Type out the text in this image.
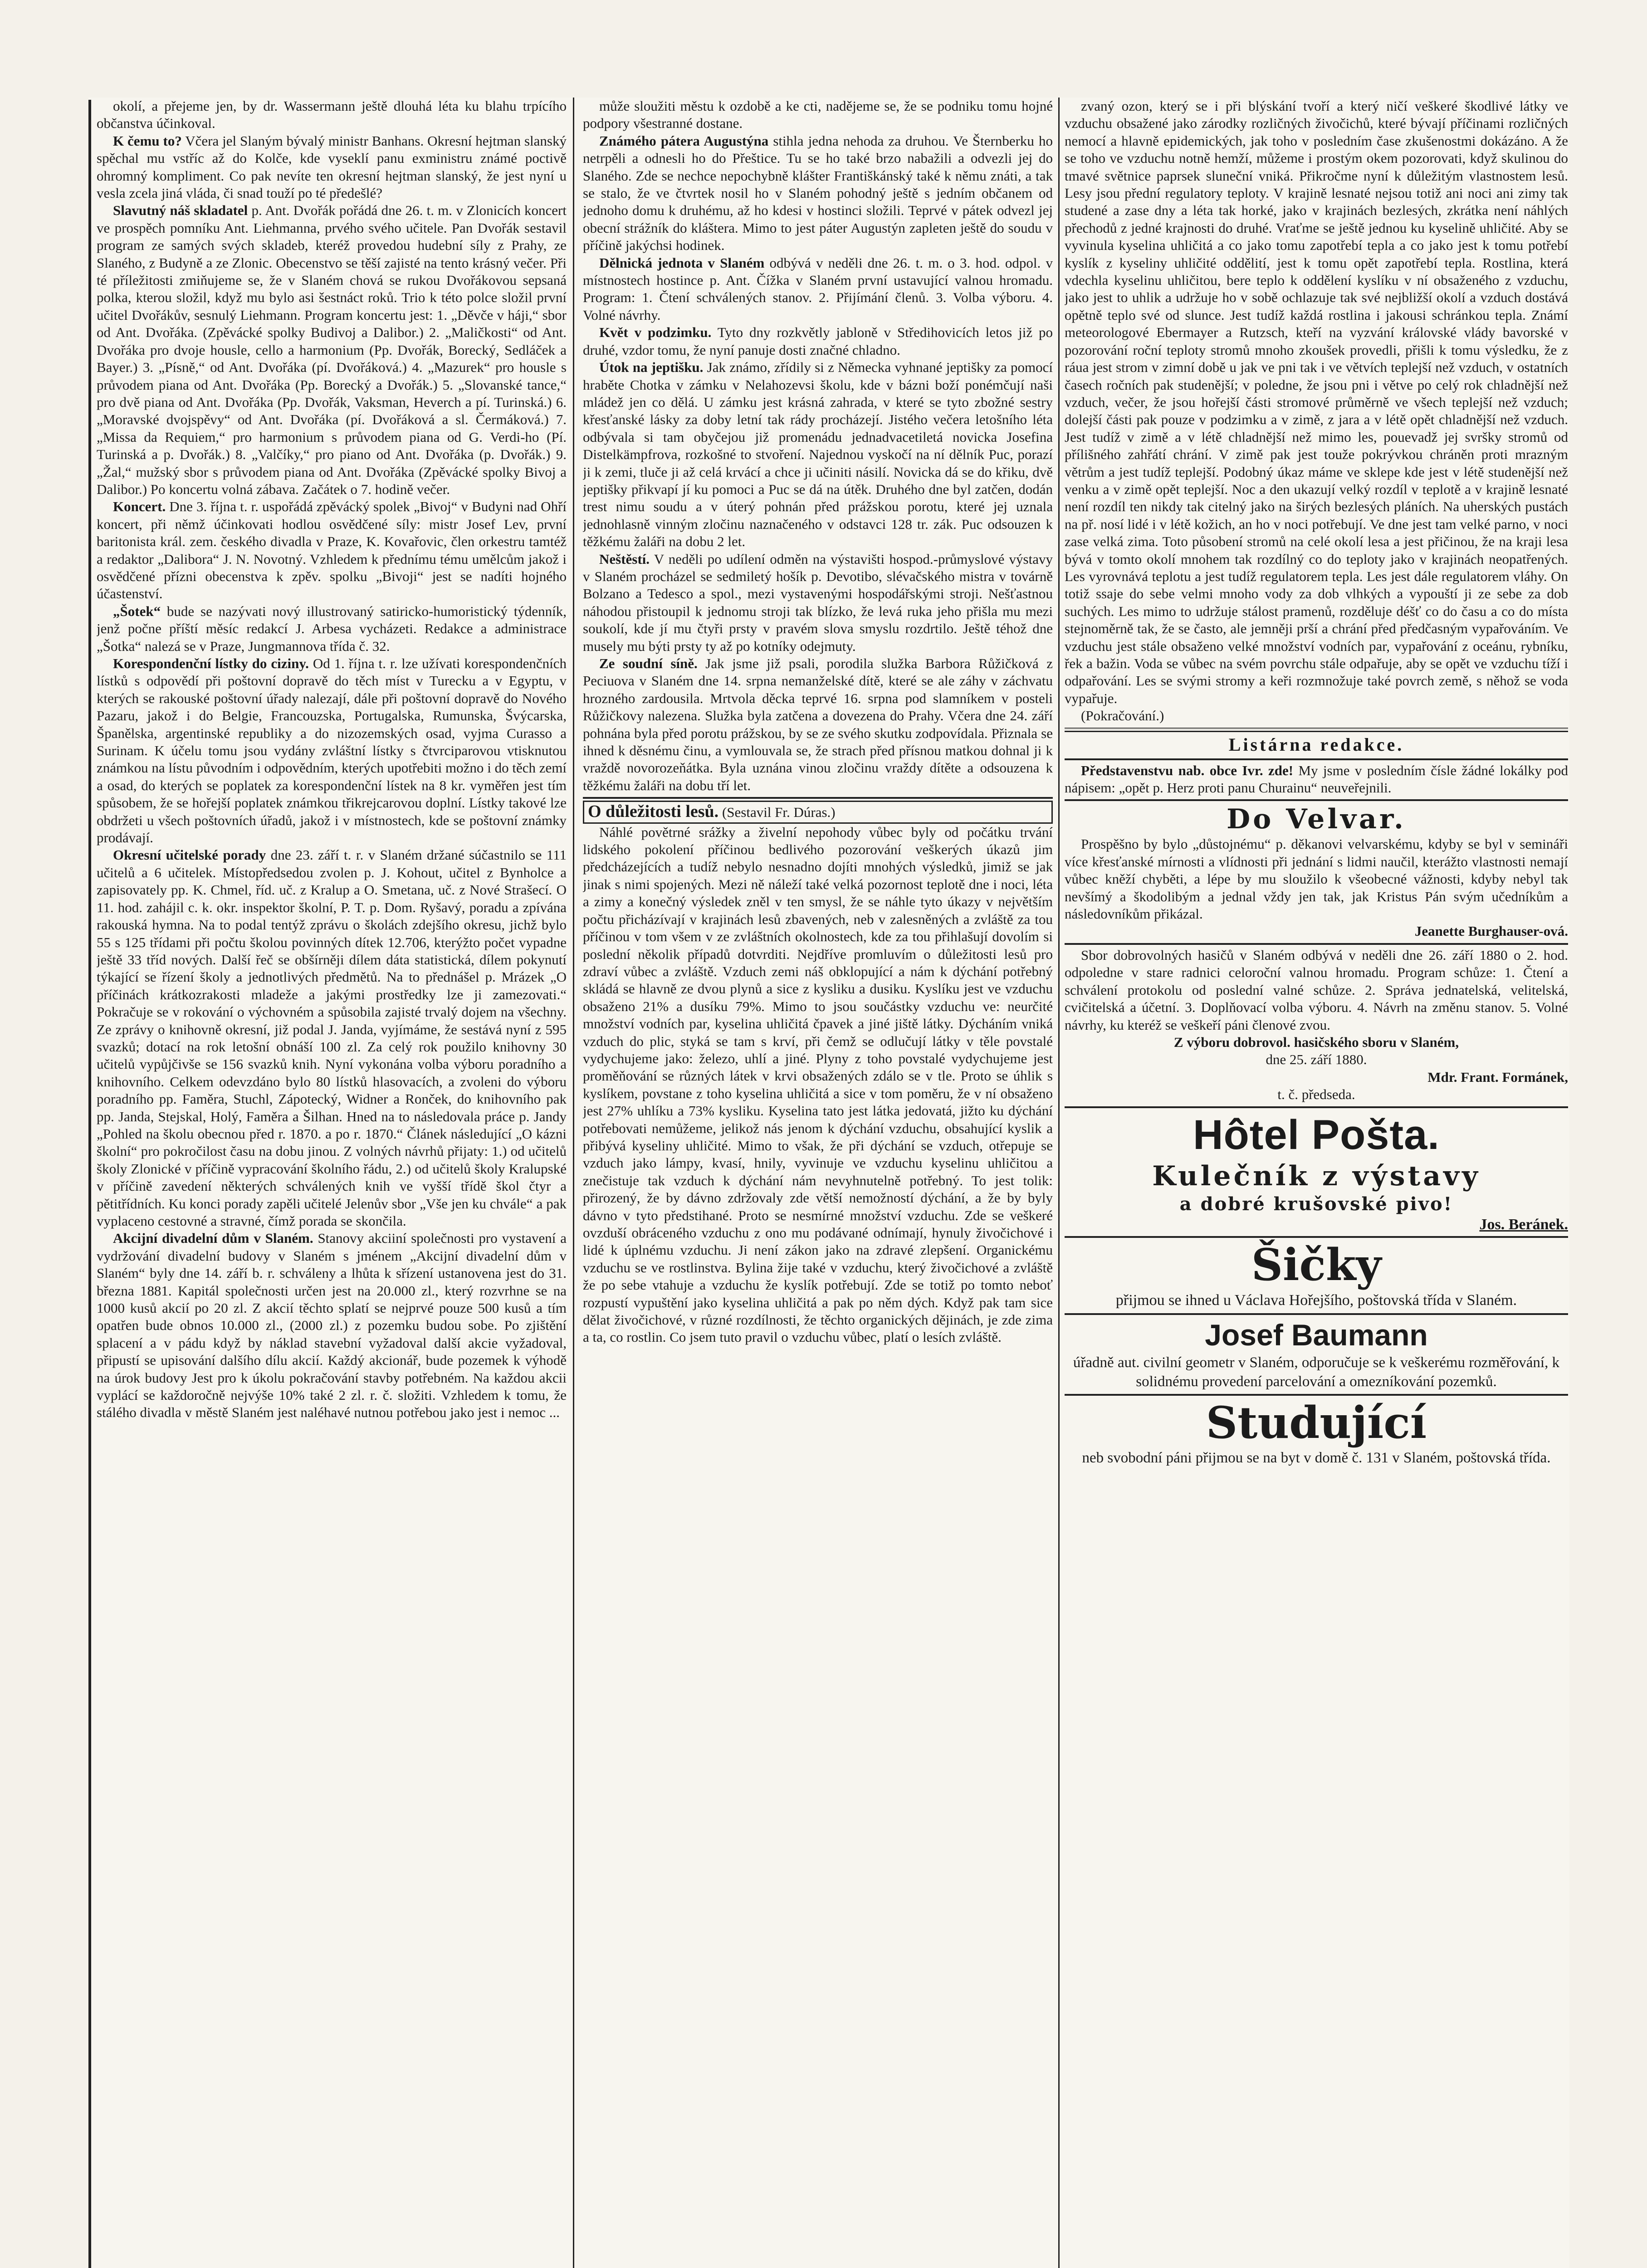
okolí, a přejeme jen, by dr. Wassermann ještě dlouhá léta ku blahu trpícího občanstva účinkoval.

K čemu to? Včera jel Slaným bývalý ministr Banhans. Okresní hejtman slanský spěchal mu vstříc až do Kolče, kde vyseklí panu exministru známé poctivě ohromný kompliment. Co pak nevíte ten okresní hejtman slanský, že jest nyní u vesla zcela jiná vláda, či snad touží po té předešlé?

Slavutný náš skladatel p. Ant. Dvořák pořádá dne 26. t. m. v Zlonicích koncert ve prospěch pomníku Ant. Liehmanna, prvého svého učitele. Pan Dvořák sestavil program ze samých svých skladeb, kteréž provedou hudební síly z Prahy, ze Slaného, z Budyně a ze Zlonic. Obecenstvo se těší zajisté na tento krásný večer. Při té příležitosti zmiňujeme se, že v Slaném chová se rukou Dvořákovou sepsaná polka, kterou složil, když mu bylo asi šestnáct roků. Trio k této polce složil první učitel Dvořákův, sesnulý Liehmann. Program koncertu jest: 1. „Děvče v háji,“ sbor od Ant. Dvořáka. (Zpěvácké spolky Budivoj a Dalibor.) 2. „Maličkosti“ od Ant. Dvořáka pro dvoje housle, cello a harmonium (Pp. Dvořák, Borecký, Sedláček a Bayer.) 3. „Písně,“ od Ant. Dvořáka (pí. Dvořáková.) 4. „Mazurek“ pro housle s průvodem piana od Ant. Dvořáka (Pp. Borecký a Dvořák.) 5. „Slovanské tance,“ pro dvě piana od Ant. Dvořáka (Pp. Dvořák, Vaksman, Heverch a pí. Turinská.) 6. „Moravské dvojspěvy“ od Ant. Dvořáka (pí. Dvořáková a sl. Čermáková.) 7. „Missa da Requiem,“ pro harmonium s průvodem piana od G. Verdi-ho (Pí. Turinská a p. Dvořák.) 8. „Valčíky,“ pro piano od Ant. Dvořáka (p. Dvořák.) 9. „Žal,“ mužský sbor s průvodem piana od Ant. Dvořáka (Zpěvácké spolky Bivoj a Dalibor.) Po koncertu volná zábava. Začátek o 7. hodině večer.

Koncert. Dne 3. října t. r. uspořádá zpěvácký spolek „Bivoj“ v Budyni nad Ohří koncert, při němž účinkovati hodlou osvědčené síly: mistr Josef Lev, první baritonista král. zem. českého divadla v Praze, K. Kovařovic, člen orkestru tamtéž a redaktor „Dalibora“ J. N. Novotný. Vzhledem k přednímu tému umělcům jakož i osvědčené přízni obecenstva k zpěv. spolku „Bivoji“ jest se nadíti hojného účastenství.

„Šotek“ bude se nazývati nový illustrovaný satiricko-humoristický týdenník, jenž počne příští měsíc redakcí J. Arbesa vycházeti. Redakce a administrace „Šotka“ nalezá se v Praze, Jungmannova třída č. 32.

Korespondenční lístky do ciziny. Od 1. října t. r. lze užívati korespondenčních lístků s odpovědí při poštovní dopravě do těch míst v Turecku a v Egyptu, v kterých se rakouské poštovní úřady nalezají, dále při poštovní dopravě do Nového Pazaru, jakož i do Belgie, Francouzska, Portugalska, Rumunska, Švýcarska, Španělska, argentinské republiky a do nizozemských osad, vyjma Curasso a Surinam. K účelu tomu jsou vydány zvláštní lístky s čtvrciparovou vtisknutou známkou na lístu původním i odpovědním, kterých upotřebiti možno i do těch zemí a osad, do kterých se poplatek za korespondenční lístek na 8 kr. vyměřen jest tím spůsobem, že se hořejší poplatek známkou třikrejcarovou doplní. Lístky takové lze obdržeti u všech poštovních úřadů, jakož i v místnostech, kde se poštovní známky prodávají.

Okresní učitelské porady dne 23. září t. r. v Slaném držané súčastnilo se 111 učitelů a 6 učitelek. Místopředsedou zvolen p. J. Kohout, učitel z Bynholce a zapisovately pp. K. Chmel, říd. uč. z Kralup a O. Smetana, uč. z Nové Strašecí. O 11. hod. zahájil c. k. okr. inspektor školní, P. T. p. Dom. Ryšavý, poradu a zpívána rakouská hymna. Na to podal tentýž zprávu o školách zdejšího okresu, jichž bylo 55 s 125 třídami při počtu školou povinných dítek 12.706, kterýžto počet vypadne ještě 33 tříd nových. Další řeč se obšírněji dílem dáta statistická, dílem pokynutí týkající se řízení školy a jednotlivých předmětů. Na to přednášel p. Mrázek „O příčinách krátkozrakosti mladeže a jakými prostředky lze ji zamezovati.“ Pokračuje se v rokování o výchovném a spůsobila zajisté trvalý dojem na všechny. Ze zprávy o knihovně okresní, již podal J. Janda, vyjímáme, že sestává nyní z 595 svazků; dotací na rok letošní obnáší 100 zl. Za celý rok použilo knihovny 30 učitelů vypůjčivše se 156 svazků knih. Nyní vykonána volba výboru poradního a knihovního. Celkem odevzdáno bylo 80 lístků hlasovacích, a zvoleni do výboru poradního pp. Faměra, Stuchl, Zápotecký, Widner a Ronček, do knihovního pak pp. Janda, Stejskal, Holý, Faměra a Šilhan. Hned na to následovala práce p. Jandy „Pohled na školu obecnou před r. 1870. a po r. 1870.“ Článek následující „O kázni školní“ pro pokročilost času na dobu jinou. Z volných návrhů přijaty: 1.) od učitelů školy Zlonické v příčině vypracování školního řádu, 2.) od učitelů školy Kralupské v příčině zavedení některých schválených knih ve vyšší třídě škol čtyr a pětitřídních. Ku konci porady zapěli učitelé Jelenův sbor „Vše jen ku chvále“ a pak vyplaceno cestovné a stravné, čímž porada se skončila.

Akcijní divadelní dům v Slaném. Stanovy akciiní společnosti pro vystavení a vydržování divadelní budovy v Slaném s jménem „Akcijní divadelní dům v Slaném“ byly dne 14. září b. r. schváleny a lhůta k sřízení ustanovena jest do 31. března 1881. Kapitál společnosti určen jest na 20.000 zl., který rozvrhne se na 1000 kusů akcií po 20 zl. Z akcií těchto splatí se nejprvé pouze 500 kusů a tím opatřen bude obnos 10.000 zl., (2000 zl.) z pozemku budou sobe. Po zjištění splacení a v pádu když by náklad stavební vyžadoval další akcie vyžadoval, připustí se upisování dalšího dílu akcií. Každý akcionář, bude pozemek k výhodě na úrok budovy Jest pro k úkolu pokračování stavby potřebném. Na každou akcii vyplácí se každoročně nejvýše 10% také 2 zl. r. č. složiti. Vzhledem k tomu, že stálého divadla v městě Slaném jest naléhavé nutnou potřebou jako jest i nemoc ...

může sloužiti městu k ozdobě a ke cti, nadějeme se, že se podniku tomu hojné podpory všestranné dostane.

Známého pátera Augustýna stihla jedna nehoda za druhou. Ve Šternberku ho netrpěli a odnesli ho do Přeštice. Tu se ho také brzo nabažili a odvezli jej do Slaného. Zde se nechce nepochybně klášter Františkánský také k němu znáti, a tak se stalo, že ve čtvrtek nosil ho v Slaném pohodný ještě s jedním občanem od jednoho domu k druhému, až ho kdesi v hostinci složili. Teprvé v pátek odvezl jej obecní strážník do kláštera. Mimo to jest páter Augustýn zapleten ještě do soudu v příčině jakýchsi hodinek.

Dělnická jednota v Slaném odbývá v neděli dne 26. t. m. o 3. hod. odpol. v místnostech hostince p. Ant. Čížka v Slaném první ustavující valnou hromadu. Program: 1. Čtení schválených stanov. 2. Přijímání členů. 3. Volba výboru. 4. Volné návrhy.

Květ v podzimku. Tyto dny rozkvětly jabloně v Středihovicích letos již po druhé, vzdor tomu, že nyní panuje dosti značné chladno.

Útok na jeptišku. Jak známo, zřídily si z Německa vyhnané jeptišky za pomocí hraběte Chotka v zámku v Nelahozevsi školu, kde v bázni boží ponémčují naši mládež jen co dělá. U zámku jest krásná zahrada, v které se tyto zbožné sestry křesťanské lásky za doby letní tak rády procházejí. Jistého večera letošního léta odbývala si tam obyčejou již promenádu jednadvacetiletá novicka Josefina Distelkämpfrova, rozkošné to stvoření. Najednou vyskočí na ní dělník Puc, porazí ji k zemi, tluče ji až celá krvácí a chce ji učiniti násilí. Novicka dá se do křiku, dvě jeptišky přikvapí jí ku pomoci a Puc se dá na útěk. Druhého dne byl zatčen, dodán trest nimu soudu a v úterý pohnán před prážskou porotu, které jej uznala jednohlasně vinným zločinu naznačeného v odstavci 128 tr. zák. Puc odsouzen k těžkému žaláři na dobu 2 let.

Neštěstí. V neděli po udílení odměn na výstavišti hospod.-průmyslové výstavy v Slaném procházel se sedmiletý hošík p. Devotibo, slévačského mistra v továrně Bolzano a Tedesco a spol., mezi vystavenými hospodářskými stroji. Nešťastnou náhodou přistoupil k jednomu stroji tak blízko, že levá ruka jeho přišla mu mezi soukolí, kde jí mu čtyři prsty v pravém slova smyslu rozdrtilo. Ještě téhož dne musely mu býti prsty ty až po kotníky odejmuty.

Ze soudní síně. Jak jsme již psali, porodila služka Barbora Růžičková z Peciuova v Slaném dne 14. srpna nemanželské dítě, které se ale záhy v záchvatu hrozného zardousila. Mrtvola děcka teprvé 16. srpna pod slamníkem v posteli Růžičkovy nalezena. Služka byla zatčena a dovezena do Prahy. Včera dne 24. září pohnána byla před porotu prážskou, by se ze svého skutku zodpovídala. Přiznala se ihned k děsnému činu, a vymlouvala se, že strach před přísnou matkou dohnal ji k vraždě novorozeňátka. Byla uznána vinou zločinu vraždy dítěte a odsouzena k těžkému žaláři na dobu tří let.

O důležitosti lesů. (Sestavil Fr. Dúras.)

Náhlé povětrné srážky a živelní nepohody vůbec byly od počátku trvání lidského pokolení příčinou bedlivého pozorování veškerých úkazů jim předcházejících a tudíž nebylo nesnadno dojíti mnohých výsledků, jimiž se jak jinak s nimi spojených. Mezi ně náleží také velká pozornost teplotě dne i noci, léta a zimy a konečný výsledek zněl v ten smysl, že se náhle tyto úkazy v největším počtu přicházívají v krajinách lesů zbavených, neb v zalesněných a zvláště za tou příčinou v tom všem v ze zvláštních okolnostech, kde za tou přihlašují dovolím si poslední několik případů dotvrditi. Nejdříve promluvím o důležitosti lesů pro zdraví vůbec a zvláště. Vzduch zemi náš obklopující a nám k dýchání potřebný skládá se hlavně ze dvou plynů a sice z kysliku a dusiku. Kyslíku jest ve vzduchu obsaženo 21% a dusíku 79%. Mimo to jsou součástky vzduchu ve: neurčité množství vodních par, kyselina uhličitá čpavek a jiné jiště látky. Dýcháním vniká vzduch do plic, styká se tam s krví, při čemž se odlučují látky v těle povstalé vydychujeme jako: železo, uhlí a jiné. Plyny z toho povstalé vydychujeme jest proměňování se různých látek v krvi obsažených zdálo se v tle. Proto se úhlik s kyslíkem, povstane z toho kyselina uhličitá a sice v tom poměru, že v ní obsaženo jest 27% uhlíku a 73% kysliku. Kyselina tato jest látka jedovatá, jižto ku dýchání potřebovati nemůžeme, jelikož nás jenom k dýchání vzduchu, obsahující kyslik a přibývá kyseliny uhličité. Mimo to však, že při dýchání se vzduch, otřepuje se vzduch jako lámpy, kvasí, hnily, vyvinuje ve vzduchu kyselinu uhličitou a znečistuje tak vzduch k dýchání nám nevyhnutelně potřebný. To jest tolik: přirozený, že by dávno zdržovaly zde větší nemožností dýchání, a že by byly dávno v tyto předstihané. Proto se nesmírné množství vzduchu. Zde se veškeré ovzduší obráceného vzduchu z ono mu podávané odnímají, hynuly živočichové i lidé k úplnému vzduchu. Ji není zákon jako na zdravé zlepšení. Organickému vzduchu se ve rostlinstva. Bylina žije také v vzduchu, který živočichové a zvláště že po sebe vtahuje a vzduchu že kyslík potřebují. Zde se totiž po tomto neboť rozpustí vypuštění jako kyselina uhličitá a pak po něm dých. Když pak tam sice dělat živočichové, v různé rozdílnosti, že těchto organických dějinách, je zde zima a ta, co rostlin. Co jsem tuto pravil o vzduchu vůbec, platí o lesích zvláště.

zvaný ozon, který se i při blýskání tvoří a který ničí veškeré škodlivé látky ve vzduchu obsažené jako zárodky rozličných živočichů, které bývají příčinami rozličných nemocí a hlavně epidemických, jak toho v posledním čase zkušenostmi dokázáno. A že se toho ve vzduchu notně hemží, můžeme i prostým okem pozorovati, když skulinou do tmavé světnice paprsek sluneční vniká. Přikročme nyní k důležitým vlastnostem lesů. Lesy jsou přední regulatory teploty. V krajině lesnaté nejsou totiž ani noci ani zimy tak studené a zase dny a léta tak horké, jako v krajinách bezlesých, zkrátka není náhlých přechodů z jedné krajnosti do druhé. Vraťme se ještě jednou ku kyselině uhličité. Aby se vyvinula kyselina uhličitá a co jako tomu zapotřebí tepla a co jako jest k tomu potřebí kyslík z kyseliny uhličité oddělití, jest k tomu opět zapotřebí tepla. Rostlina, která vdechla kyselinu uhličitou, bere teplo k oddělení kyslíku v ní obsaženého z vzduchu, jako jest to uhlik a udržuje ho v sobě ochlazuje tak své nejbližší okolí a vzduch dostává opětně teplo své od slunce. Jest tudíž každá rostlina i jakousi schránkou tepla. Známí meteorologové Ebermayer a Rutzsch, kteří na vyzvání královské vlády bavorské v pozorování roční teploty stromů mnoho zkoušek provedli, přišli k tomu výsledku, že z ráua jest strom v zimní době u jak ve pni tak i ve větvích teplejší než vzduch, v ostatních časech ročních pak studenější; v poledne, že jsou pni i větve po celý rok chladnější než vzduch, večer, že jsou hořejší části stromové průměrně ve všech teplejší než vzduch; dolejší části pak pouze v podzimku a v zimě, z jara a v létě opět chladnější než vzduch. Jest tudíž v zimě a v létě chladnější než mimo les, pouevadž jej svršky stromů od přílišného zahřátí chrání. V zimě pak jest touže pokrývkou chráněn proti mrazným větrům a jest tudíž teplejší. Podobný úkaz máme ve sklepe kde jest v létě studenější než venku a v zimě opět teplejší. Noc a den ukazují velký rozdíl v teplotě a v krajině lesnaté není rozdíl ten nikdy tak citelný jako na širých bezlesých pláních. Na uherských pustách na př. nosí lidé i v létě kožich, an ho v noci potřebují. Ve dne jest tam velké parno, v noci zase velká zima. Toto působení stromů na celé okolí lesa a jest přičinou, že na kraji lesa bývá v tomto okolí mnohem tak rozdílný co do teploty jako v krajinách neopatřených. Les vyrovnává teplotu a jest tudíž regulatorem tepla. Les jest dále regulatorem vláhy. On totiž ssaje do sebe velmi mnoho vody za dob vlhkých a vypouští ji ze sebe za dob suchých. Les mimo to udržuje stálost pramenů, rozděluje déšť co do času a co do místa stejnoměrně tak, že se často, ale jemněji prší a chrání před předčasným vypařováním. Ve vzduchu jest stále obsaženo velké množství vodních par, vypařování z oceánu, rybníku, řek a bažin. Voda se vůbec na svém povrchu stále odpařuje, aby se opět ve vzduchu tíží i odpařování. Les se svými stromy a keři rozmnožuje také povrch země, s něhož se voda vypařuje.

(Pokračování.)

Listárna redakce.

Představenstvu nab. obce Ivr. zde! My jsme v posledním čísle žádné lokálky pod nápisem: „opět p. Herz proti panu Churainu“ neuveřejnili.

Do Velvar.

Prospěšno by bylo „důstojnému“ p. děkanovi velvarskému, kdyby se byl v semináři více křesťanské mírnosti a vlídnosti při jednání s lidmi naučil, kterážto vlastnosti nemají vůbec kněží chyběti, a lépe by mu sloužilo k všeobecné vážnosti, kdyby nebyl tak nevšímý a škodolibým a jednal vždy jen tak, jak Kristus Pán svým učedníkům a následovníkům přikázal.

Jeanette Burghauser-ová.

Sbor dobrovolných hasičů v Slaném odbývá v neděli dne 26. září 1880 o 2. hod. odpoledne v stare radnici celoroční valnou hromadu. Program schůze: 1. Čtení a schválení protokolu od poslední valné schůze. 2. Správa jednatelská, velitelská, cvičitelská a účetní. 3. Doplňovací volba výboru. 4. Návrh na změnu stanov. 5. Volné návrhy, ku kteréž se veškeří páni členové zvou.

Z výboru dobrovol. hasičského sboru v Slaném,

dne 25. září 1880.

Mdr. Frant. Formánek,

t. č. předseda.

Hôtel Pošta.

Kulečník z výstavy

a dobré krušovské pivo!

Jos. Beránek.

Šičky

přijmou se ihned u Václava Hořejšího, poštovská třída v Slaném.

Josef Baumann

úřadně aut. civilní geometr v Slaném, odporučuje se k veškerému rozměřování, k solidnému provedení parcelování a omezníkování pozemků.

Studující

neb svobodní páni přijmou se na byt v domě č. 131 v Slaném, poštovská třída.
